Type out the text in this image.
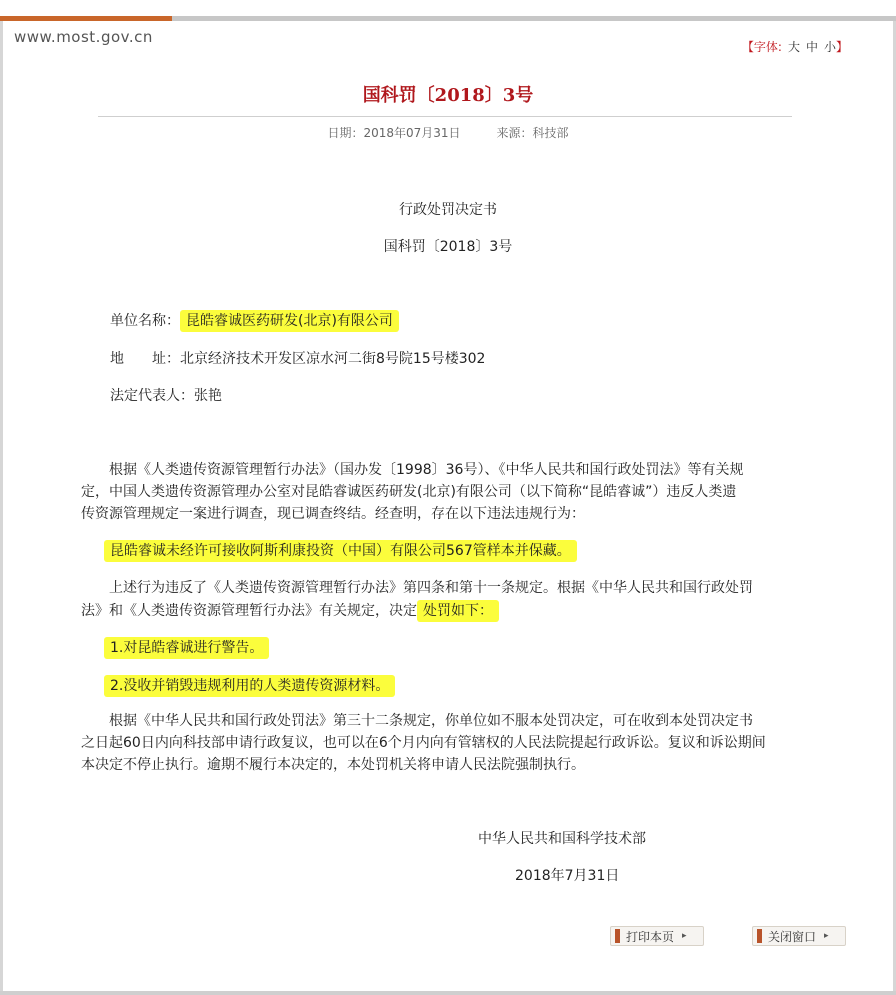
www.most.gov.cn
【字体: 大 中 小】
国科罚〔2018〕3号
日期：2018年07月31日	来源：科技部
行政处罚决定书
国科罚〔2018〕3号
单位名称： 昆皓睿诚医药研发(北京)有限公司
地　　址：北京经济技术开发区凉水河二街8号院15号楼302
法定代表人：张艳
　　根据《人类遗传资源管理暂行办法》（国办发〔1998〕36号）、《中华人民共和国行政处罚法》等有关规
定，中国人类遗传资源管理办公室对昆皓睿诚医药研发(北京)有限公司（以下简称“昆皓睿诚”）违反人类遗
传资源管理规定一案进行调查，现已调查终结。经查明，存在以下违法违规行为：
昆皓睿诚未经许可接收阿斯利康投资（中国）有限公司567管样本并保藏。
　　上述行为违反了《人类遗传资源管理暂行办法》第四条和第十一条规定。根据《中华人民共和国行政处罚
法》和《人类遗传资源管理暂行办法》有关规定，决定 处罚如下：
1.对昆皓睿诚进行警告。
2.没收并销毁违规利用的人类遗传资源材料。
　　根据《中华人民共和国行政处罚法》第三十二条规定，你单位如不服本处罚决定，可在收到本处罚决定书
之日起60日内向科技部申请行政复议，也可以在6个月内向有管辖权的人民法院提起行政诉讼。复议和诉讼期间
本决定不停止执行。逾期不履行本决定的，本处罚机关将申请人民法院强制执行。
中华人民共和国科学技术部
2018年7月31日
打印本页 ▸	关闭窗口 ▸
